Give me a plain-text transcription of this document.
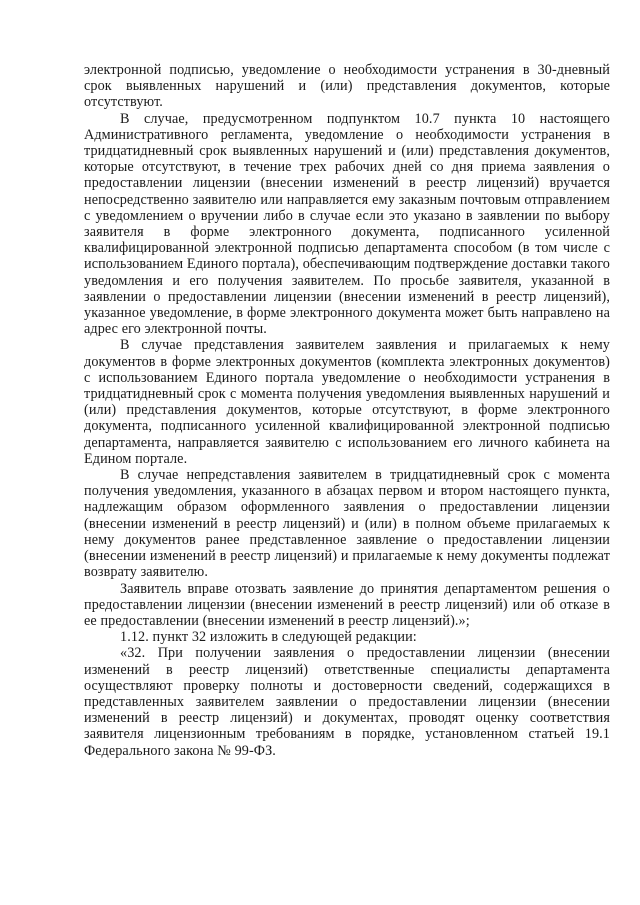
электронной подписью, уведомление о необходимости устранения в 30-дневный срок выявленных нарушений и (или) представления документов, которые отсутствуют.

В случае, предусмотренном подпунктом 10.7 пункта 10 настоящего Административного регламента, уведомление о необходимости устранения в тридцатидневный срок выявленных нарушений и (или) представления документов, которые отсутствуют, в течение трех рабочих дней со дня приема заявления о предоставлении лицензии (внесении изменений в реестр лицензий) вручается непосредственно заявителю или направляется ему заказным почтовым отправлением с уведомлением о вручении либо в случае если это указано в заявлении по выбору заявителя в форме электронного документа, подписанного усиленной квалифицированной электронной подписью департамента способом (в том числе с использованием Единого портала), обеспечивающим подтверждение доставки такого уведомления и его получения заявителем. По просьбе заявителя, указанной в заявлении о предоставлении лицензии (внесении изменений в реестр лицензий), указанное уведомление, в форме электронного документа может быть направлено на адрес его электронной почты.

В случае представления заявителем заявления и прилагаемых к нему документов в форме электронных документов (комплекта электронных документов) с использованием Единого портала уведомление о необходимости устранения в тридцатидневный срок с момента получения уведомления выявленных нарушений и (или) представления документов, которые отсутствуют, в форме электронного документа, подписанного усиленной квалифицированной электронной подписью департамента, направляется заявителю с использованием его личного кабинета на Едином портале.

В случае непредставления заявителем в тридцатидневный срок с момента получения уведомления, указанного в абзацах первом и втором настоящего пункта, надлежащим образом оформленного заявления о предоставлении лицензии (внесении изменений в реестр лицензий) и (или) в полном объеме прилагаемых к нему документов ранее представленное заявление о предоставлении лицензии (внесении изменений в реестр лицензий) и прилагаемые к нему документы подлежат возврату заявителю.

Заявитель вправе отозвать заявление до принятия департаментом решения о предоставлении лицензии (внесении изменений в реестр лицензий) или об отказе в ее предоставлении (внесении изменений в реестр лицензий).»;

1.12. пункт 32 изложить в следующей редакции:

«32. При получении заявления о предоставлении лицензии (внесении изменений в реестр лицензий) ответственные специалисты департамента осуществляют проверку полноты и достоверности сведений, содержащихся в представленных заявителем заявлении о предоставлении лицензии (внесении изменений в реестр лицензий) и документах, проводят оценку соответствия заявителя лицензионным требованиям в порядке, установленном статьей 19.1 Федерального закона № 99-ФЗ.
